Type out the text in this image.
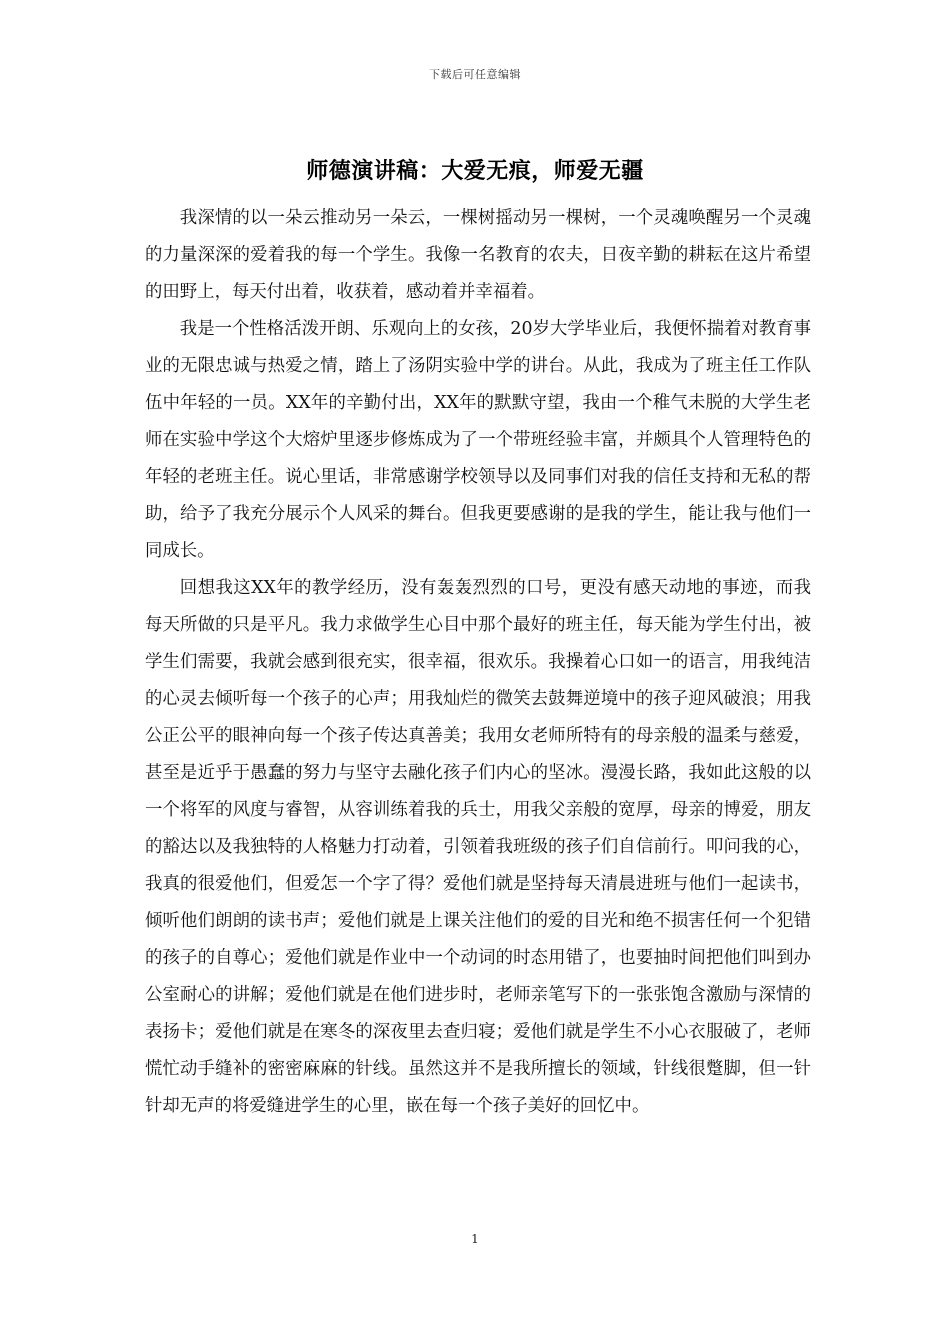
下载后可任意编辑
师德演讲稿：大爱无痕，师爱无疆

我深情的以一朵云推动另一朵云，一棵树摇动另一棵树，一个灵魂唤醒另一个灵魂的力量深深的爱着我的每一个学生。我像一名教育的农夫，日夜辛勤的耕耘在这片希望的田野上，每天付出着，收获着，感动着并幸福着。

我是一个性格活泼开朗、乐观向上的女孩，20岁大学毕业后，我便怀揣着对教育事业的无限忠诚与热爱之情，踏上了汤阴实验中学的讲台。从此，我成为了班主任工作队伍中年轻的一员。XX年的辛勤付出，XX年的默默守望，我由一个稚气未脱的大学生老师在实验中学这个大熔炉里逐步修炼成为了一个带班经验丰富，并颇具个人管理特色的年轻的老班主任。说心里话，非常感谢学校领导以及同事们对我的信任支持和无私的帮助，给予了我充分展示个人风采的舞台。但我更要感谢的是我的学生，能让我与他们一同成长。

回想我这XX年的教学经历，没有轰轰烈烈的口号，更没有感天动地的事迹，而我每天所做的只是平凡。我力求做学生心目中那个最好的班主任，每天能为学生付出，被学生们需要，我就会感到很充实，很幸福，很欢乐。我操着心口如一的语言，用我纯洁的心灵去倾听每一个孩子的心声；用我灿烂的微笑去鼓舞逆境中的孩子迎风破浪；用我公正公平的眼神向每一个孩子传达真善美；我用女老师所特有的母亲般的温柔与慈爱，甚至是近乎于愚蠢的努力与坚守去融化孩子们内心的坚冰。漫漫长路，我如此这般的以一个将军的风度与睿智，从容训练着我的兵士，用我父亲般的宽厚，母亲的博爱，朋友的豁达以及我独特的人格魅力打动着，引领着我班级的孩子们自信前行。叩问我的心，我真的很爱他们，但爱怎一个字了得？爱他们就是坚持每天清晨进班与他们一起读书，倾听他们朗朗的读书声；爱他们就是上课关注他们的爱的目光和绝不损害任何一个犯错的孩子的自尊心；爱他们就是作业中一个动词的时态用错了，也要抽时间把他们叫到办公室耐心的讲解；爱他们就是在他们进步时，老师亲笔写下的一张张饱含激励与深情的表扬卡；爱他们就是在寒冬的深夜里去查归寝；爱他们就是学生不小心衣服破了，老师慌忙动手缝补的密密麻麻的针线。虽然这并不是我所擅长的领域，针线很蹩脚，但一针针却无声的将爱缝进学生的心里，嵌在每一个孩子美好的回忆中。

1
